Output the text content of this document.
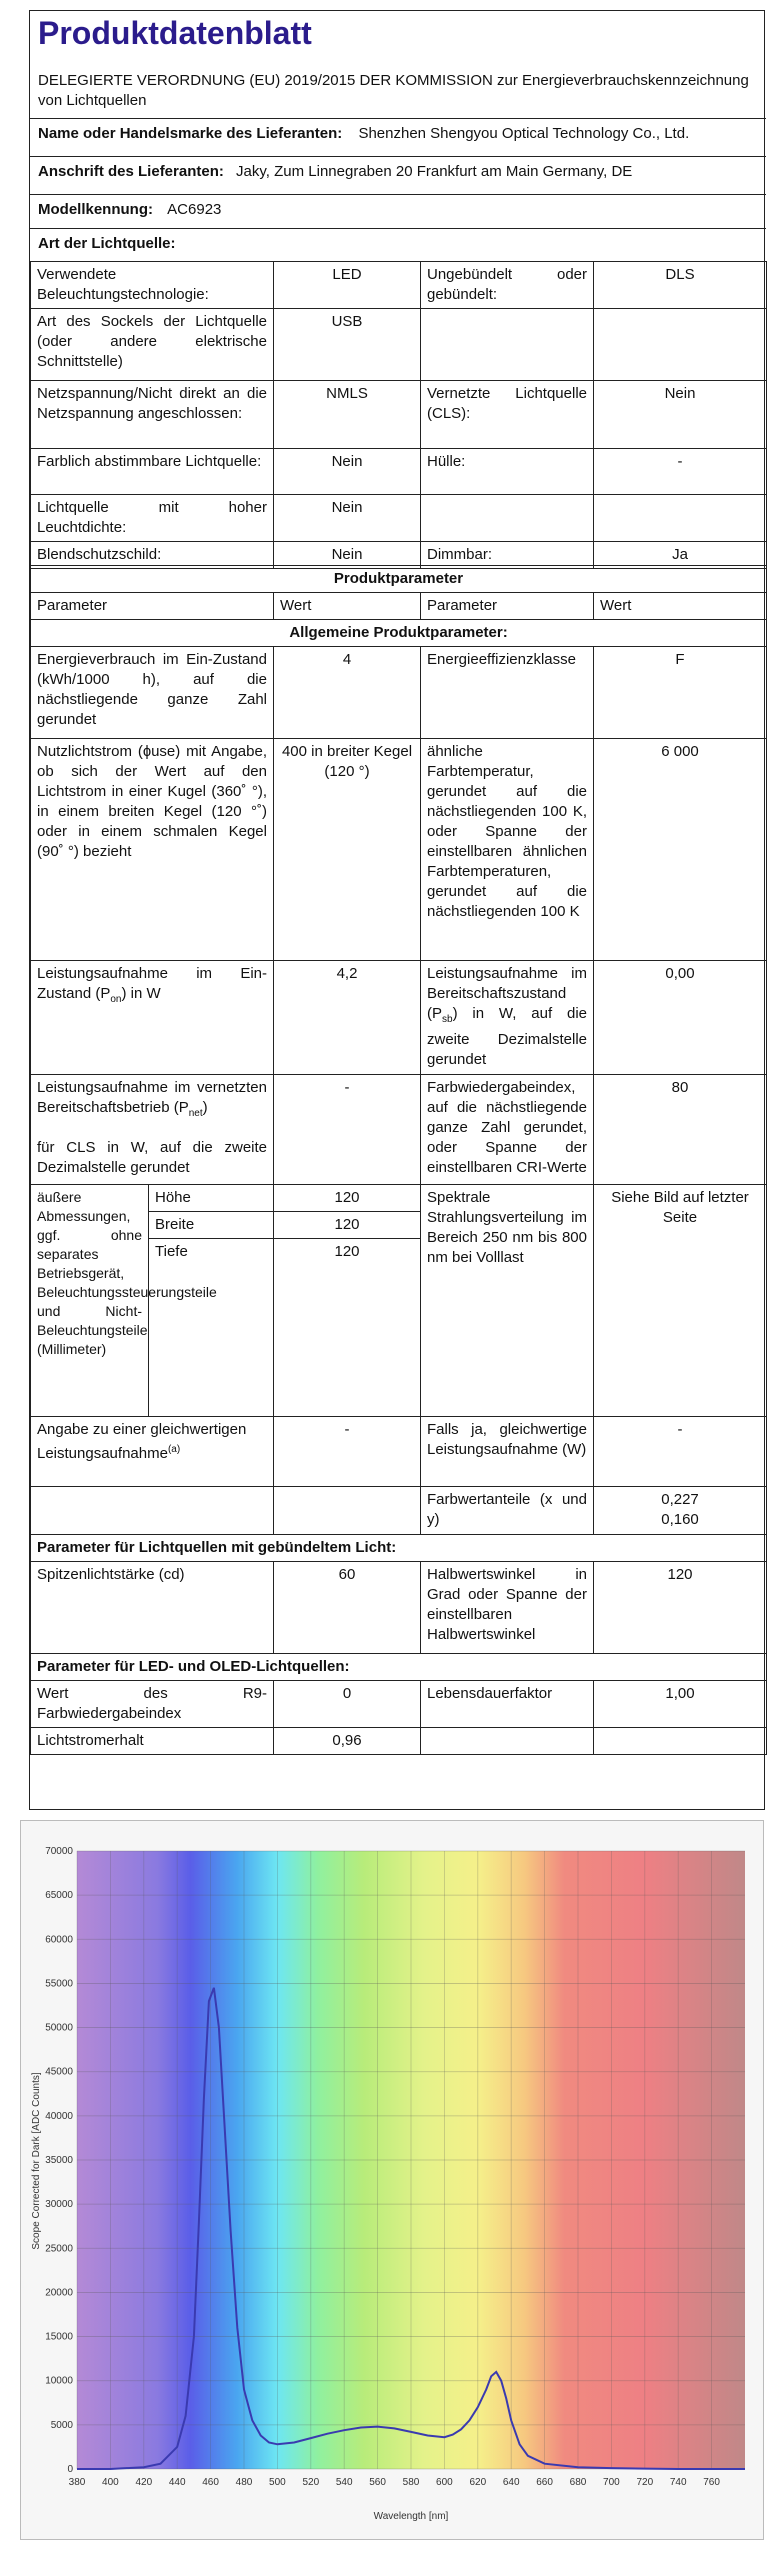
Produktdatenblatt
DELEGIERTE VERORDNUNG (EU) 2019/2015 DER KOMMISSION zur Energieverbrauchskennzeichnung von Lichtquellen
Name oder Handelsmarke des Lieferanten: Shenzhen Shengyou Optical Technology Co., Ltd.
Anschrift des Lieferanten: Jaky, Zum Linnegraben 20 Frankfurt am Main Germany, DE
Modellkennung: AC6923
Art der Lichtquelle:
Verwendete Beleuchtungstechnologie:	LED	Ungebündelt oder gebündelt:	DLS
Art des Sockels der Lichtquelle (oder andere elektrische Schnittstelle)	USB		
Netzspannung/Nicht direkt an die Netzspannung angeschlossen:	NMLS	Vernetzte Lichtquelle (CLS):	Nein
Farblich abstimmbare Lichtquelle:	Nein	Hülle:	-
Lichtquelle mit hoher Leuchtdichte:	Nein		
Blendschutzschild:	Nein	Dimmbar:	Ja
Produktparameter				
Parameter		Wert	Parameter	Wert
Allgemeine Produktparameter:				
Energieverbrauch im Ein-Zustand (kWh/1000 h), auf die nächstliegende ganze Zahl gerundet		4	Energieeffizienzklasse	F
Nutzlichtstrom (ɸuse) mit Angabe, ob sich der Wert auf den Lichtstrom in einer Kugel (360˚ °), in einem breiten Kegel (120 °˚) oder in einem schmalen Kegel (90˚ °) bezieht		400 in breiter Kegel (120 °)	ähnliche Farbtemperatur, gerundet auf die nächstliegenden 100 K, oder Spanne der einstellbaren ähnlichen Farbtemperaturen, gerundet auf die nächstliegenden 100 K	6 000
Leistungsaufnahme im Ein-Zustand $(P_{on})$ in W		4,2	Leistungsaufnahme im Bereitschaftszustand $(P_{sb})$ in W, auf die zweite Dezimalstelle gerundet	0,00
Leistungsaufnahme im vernetzten Bereitschaftsbetrieb $(P_{net})$
für CLS in W, auf die zweite Dezimalstelle gerundet		-	Farbwiedergabeindex, auf die nächstliegende ganze Zahl gerundet, oder Spanne der einstellbaren CRI-Werte	80
äußere Abmessungen, ggf. ohne separates Betriebsgerät, Beleuchtungssteuerungsteile und Nicht-Beleuchtungsteile (Millimeter)	Höhe	120	Spektrale Strahlungsverteilung im Bereich 250 nm bis 800 nm bei Volllast	Siehe Bild auf letzter Seite
	Breite	120		
	Tiefe	120		
Angabe zu einer gleichwertigen Leistungsaufnahme$^{(a)}$		-	Falls ja, gleichwertige Leistungsaufnahme (W)	-
			Farbwertanteile (x und y)	0,227
0,160

Parameter für Lichtquellen mit gebündeltem Licht:				
Spitzenlichtstärke (cd)		60	Halbwertswinkel in Grad oder Spanne der einstellbaren Halbwertswinkel	120
Parameter für LED- und OLED-Lichtquellen:				
Wert des R9-Farbwiedergabeindex		0	Lebensdauerfaktor	1,00
Lichtstromerhalt		0,96		
0
5000
10000
15000
20000
25000
30000
35000
40000
45000
50000
55000
60000
65000
70000
380 400 420 440 460 480 500 520 540 560 580 600 620 640 660 680 700 720 740 760
Wavelength [nm]
Scope Corrected for Dark [ADC Counts]
